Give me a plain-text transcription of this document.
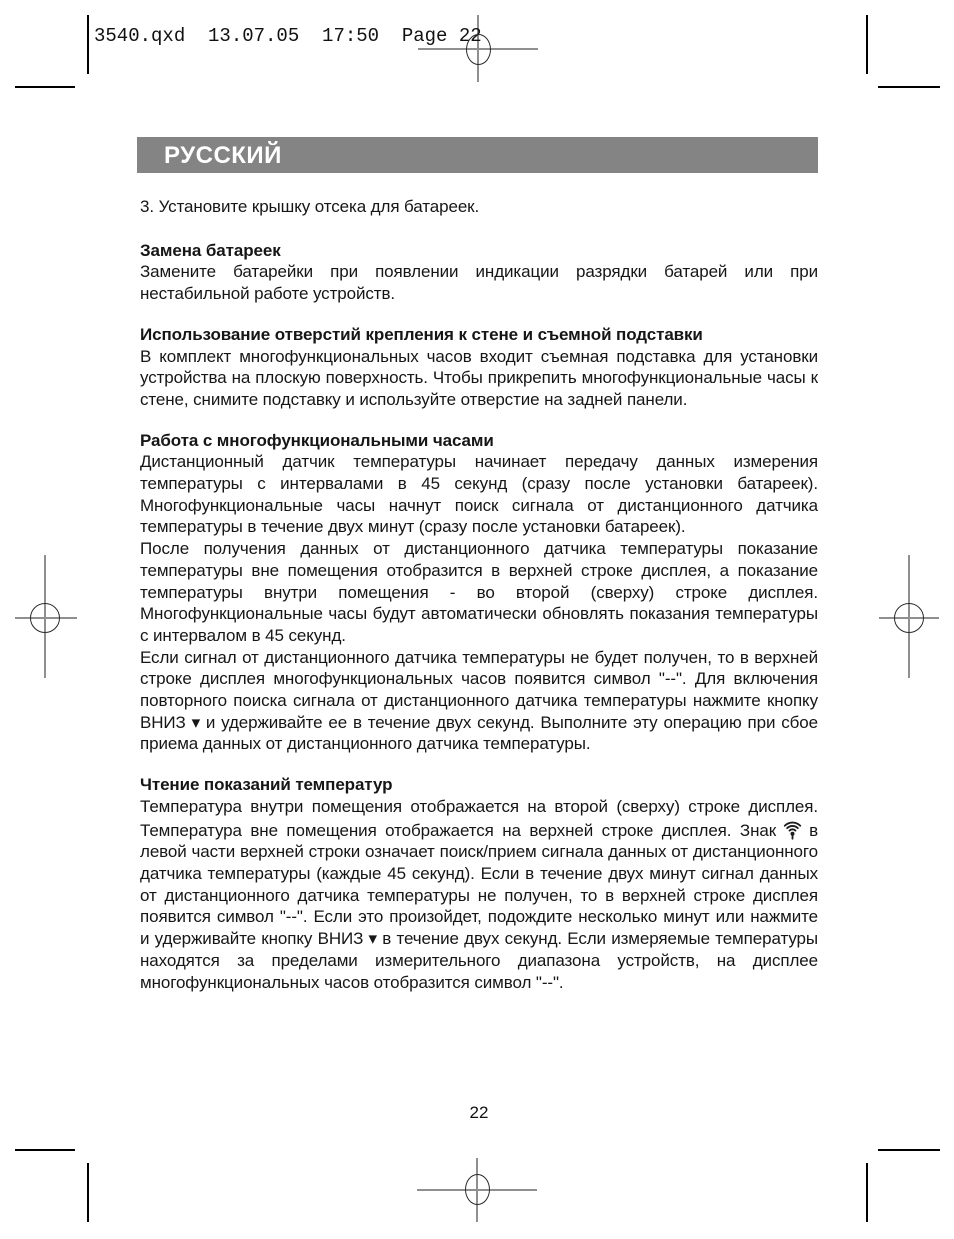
3540.qxd  13.07.05  17:50  Page 22
РУССКИЙ

3. Установите крышку отсека для батареек.

Замена батареек

Замените батарейки при появлении индикации разрядки батарей или при нестабильной работе устройств.

Использование отверстий крепления к стене и съемной подставки

В комплект многофункциональных часов входит съемная подставка для установки устройства на плоскую поверхность. Чтобы прикрепить многофункциональные часы к стене, снимите подставку и используйте отверстие на задней панели.

Работа с многофункциональными часами

Дистанционный датчик температуры начинает передачу данных измерения температуры с интервалами в 45 секунд (сразу после установки батареек). Многофункциональные часы начнут поиск сигнала от дистанционного датчика температуры в течение двух минут (сразу после установки батареек).

После получения данных от дистанционного датчика температуры показание температуры вне помещения отобразится в верхней строке дисплея, а показание температуры внутри помещения - во второй (сверху) строке дисплея. Многофункциональные часы будут автоматически обновлять показания температуры с интервалом в 45 секунд.

Если сигнал от дистанционного датчика температуры не будет получен, то в верхней строке дисплея многофункциональных часов появится символ "--". Для включения повторного поиска сигнала от дистанционного датчика температуры нажмите кнопку ВНИЗ ▾ и удерживайте ее в течение двух секунд. Выполните эту операцию при сбое приема данных от дистанционного датчика температуры.

Чтение показаний температур

Температура внутри помещения отображается на второй (сверху) строке дисплея. Температура вне помещения отображается на верхней строке дисплея. Знак в левой части верхней строки означает поиск/прием сигнала данных от дистанционного датчика температуры (каждые 45 секунд). Если в течение двух минут сигнал данных от дистанционного датчика температуры не получен, то в верхней строке дисплея появится символ "--". Если это произойдет, подождите несколько минут или нажмите и удерживайте кнопку ВНИЗ ▾ в течение двух секунд. Если измеряемые температуры находятся за пределами измерительного диапазона устройств, на дисплее многофункциональных часов отобразится символ "--".

22
